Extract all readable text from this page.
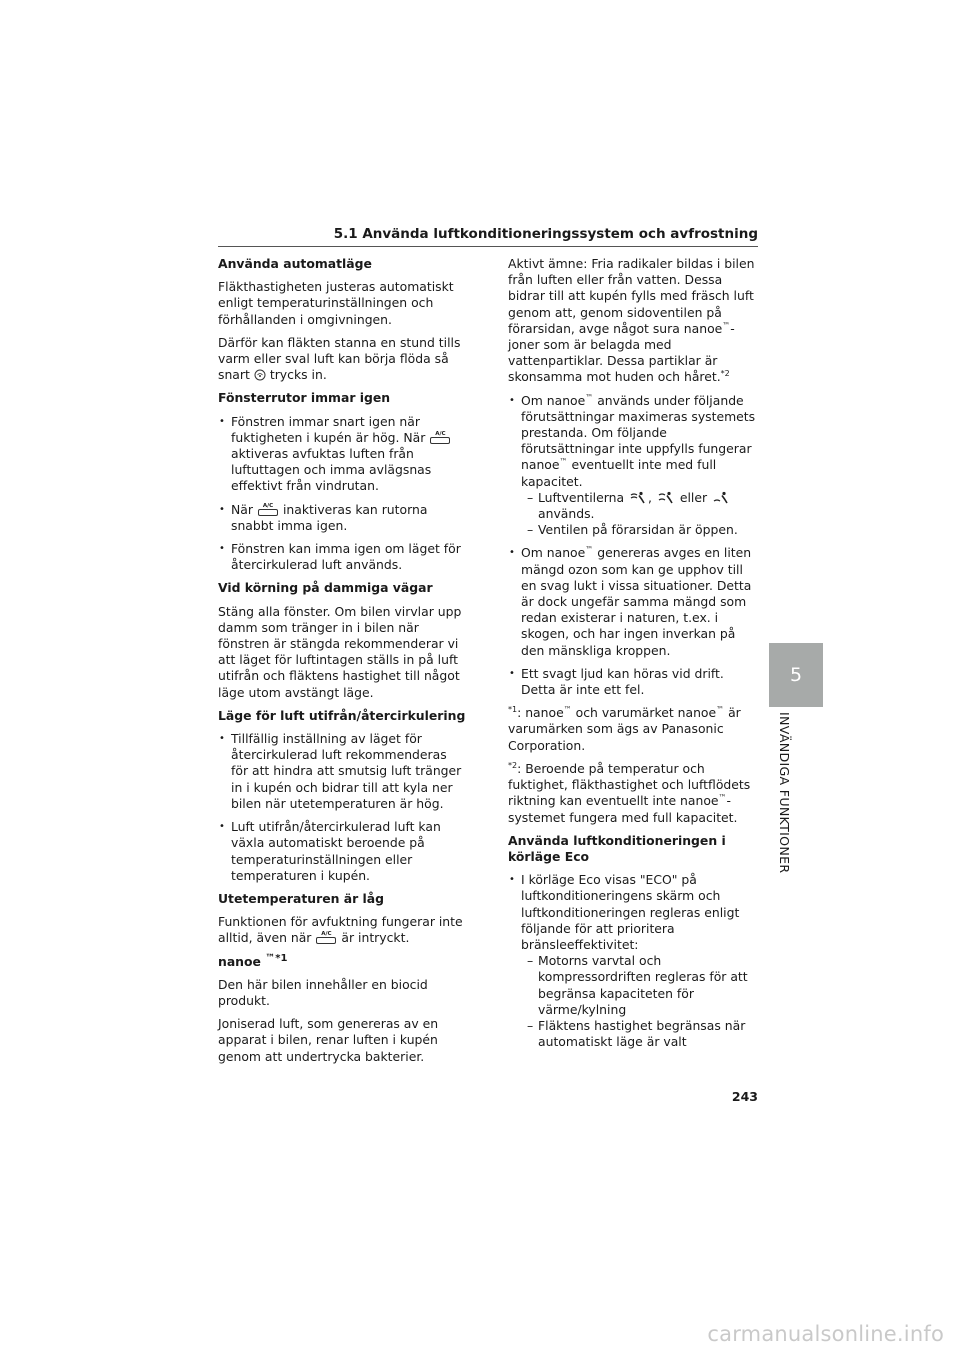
5.1 Använda luftkonditioneringssystem och avfrostning
Använda automatläge
Fläkthastigheten justeras automatiskt enligt temperaturinställningen och förhållanden i omgivningen.
Därför kan fläkten stanna en stund tills varm eller sval luft kan börja flöda så snart trycks in.
Fönsterrutor immar igen
• Fönstren immar snart igen när fuktigheten i kupén är hög. När	A/C
aktiveras avfuktas luften från luftuttagen och imma avlägsnas effektivt från vindrutan.
• När	A/C inaktiveras kan rutorna snabbt imma igen.
• Fönstren kan imma igen om läget för återcirkulerad luft används.
Vid körning på dammiga vägar
Stäng alla fönster. Om bilen virvlar upp damm som tränger in i bilen när fönstren är stängda rekommenderar vi att läget för luftintagen ställs in på luft utifrån och fläktens hastighet till något läge utom avstängt läge.
Läge för luft utifrån/återcirkulering
• Tillfällig inställning av läget för återcirkulerad luft rekommenderas för att hindra att smutsig luft tränger in i kupén och bidrar till att kyla ner bilen när utetemperaturen är hög.
• Luft utifrån/återcirkulerad luft kan växla automatiskt beroende på temperaturinställningen eller temperaturen i kupén.
Utetemperaturen är låg
Funktionen för avfuktning fungerar inte alltid, även när	A/C är intryckt.
nanoe $^{™*1}$
Den här bilen innehåller en biocid produkt.
Joniserad luft, som genereras av en apparat i bilen, renar luften i kupén genom att undertrycka bakterier.
Aktivt ämne: Fria radikaler bildas i bilen från luften eller från vatten. Dessa bidrar till att kupén fylls med fräsch luft genom att, genom sidoventilen på förarsidan, avge något sura nanoe™-joner som är belagda med vattenpartiklar. Dessa partiklar är skonsamma mot huden och håret.$^{*2}$
• Om nanoe™ används under följande förutsättningar maximeras systemets prestanda. Om följande förutsättningar inte uppfylls fungerar nanoe™ eventuellt inte med full kapacitet.
– Luftventilerna , eller
används.
– Ventilen på förarsidan är öppen.
• Om nanoe™ genereras avges en liten mängd ozon som kan ge upphov till en svag lukt i vissa situationer. Detta är dock ungefär samma mängd som redan existerar i naturen, t.ex. i skogen, och har ingen inverkan på den mänskliga kroppen.
• Ett svagt ljud kan höras vid drift. Detta är inte ett fel.
$^{*1}$: nanoe™ och varumärket nanoe™ är varumärken som ägs av Panasonic Corporation.
$^{*2}$: Beroende på temperatur och fuktighet, fläkthastighet och luftflödets riktning kan eventuellt inte nanoe™-systemet fungera med full kapacitet.
Använda luftkonditioneringen i körläge Eco
• I körläge Eco visas "ECO" på luftkonditioneringens skärm och luftkonditioneringen regleras enligt följande för att prioritera bränsleeffektivitet:
– Motorns varvtal och kompressordriften regleras för att begränsa kapaciteten för värme/kylning
– Fläktens hastighet begränsas när automatiskt läge är valt
5
INVÄNDIGA FUNKTIONER
243
carmanualsonline.info
